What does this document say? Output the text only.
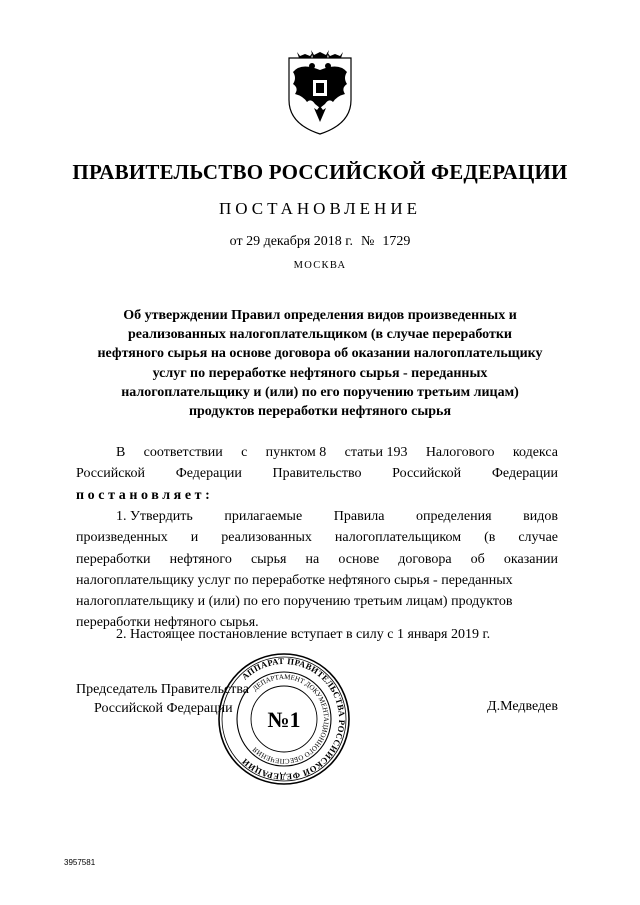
ПРАВИТЕЛЬСТВО РОССИЙСКОЙ ФЕДЕРАЦИИ
ПОСТАНОВЛЕНИЕ
от 29 декабря 2018 г. № 1729
МОСКВА
Об утверждении Правил определения видов произведенных и
реализованных налогоплательщиком (в случае переработки
нефтяного сырья на основе договора об оказании налогоплательщику
услуг по переработке нефтяного сырья - переданных
налогоплательщику и (или) по его поручению третьим лицам)
продуктов переработки нефтяного сырья
В соответствии с пунктом 8 статьи 193 Налогового кодекса
Российской Федерации Правительство Российской Федерации
постановляет:
1. Утвердить прилагаемые Правила определения видов
произведенных и реализованных налогоплательщиком (в случае
переработки нефтяного сырья на основе договора об оказании
налогоплательщику услуг по переработке нефтяного сырья - переданных
налогоплательщику и (или) по его поручению третьим лицам) продуктов
переработки нефтяного сырья.
2. Настоящее постановление вступает в силу с 1 января 2019 г.
Председатель Правительства
Российской Федерации	Д.Медведев
АППАРАТ ПРАВИТЕЛЬСТВА РОССИЙСКОЙ ФЕДЕРАЦИИ
ДЕПАРТАМЕНТ ДОКУМЕНТАЦИОННОГО ОБЕСПЕЧЕНИЯ
№1
3957581
